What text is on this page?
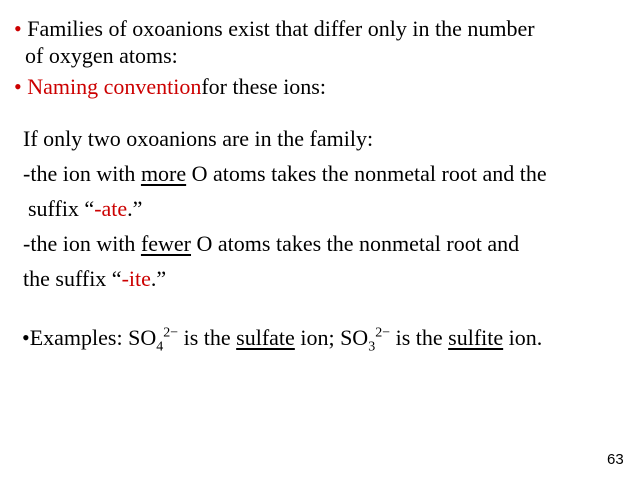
• Families of oxoanions exist that differ only in the number
of oxygen atoms:
• Naming conventionfor these ions:
If only two oxoanions are in the family:
-the ion with more O atoms takes the nonmetal root and the
suffix “-ate.”
-the ion with fewer O atoms takes the nonmetal root and
the suffix “-ite.”
•Examples: $SO_4^{2-}$ is the sulfate ion; $SO_3^{2-}$ is the sulfite ion.
63
